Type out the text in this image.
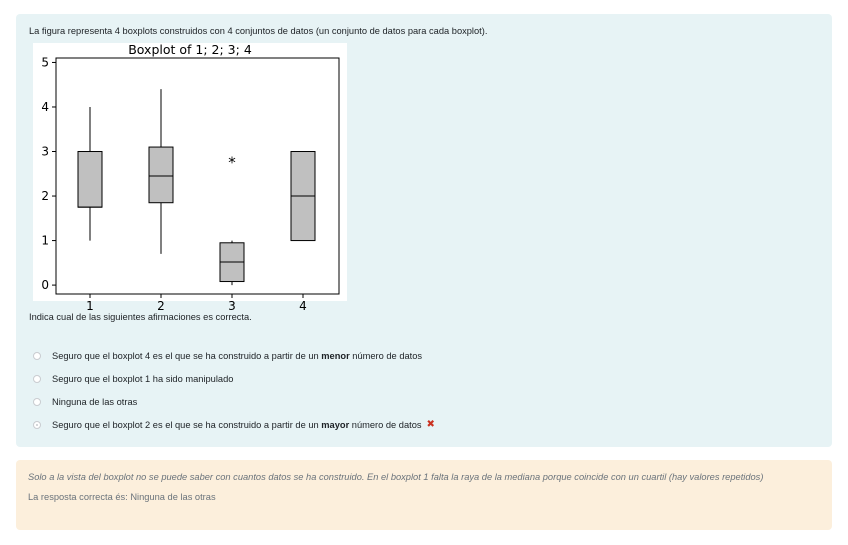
La figura representa 4 boxplots construidos con 4 conjuntos de datos (un conjunto de datos para cada boxplot).
Boxplot of 1; 2; 3; 4
0
1
2
3
4
5
1	2	3	4
*
Indica cual de las siguientes afirmaciones es correcta.
Seguro que el boxplot 4 es el que se ha construido a partir de un menor número de datos
Seguro que el boxplot 1 ha sido manipulado
Ninguna de las otras
Seguro que el boxplot 2 es el que se ha construido a partir de un mayor número de datos ✖
Solo a la vista del boxplot no se puede saber con cuantos datos se ha construido. En el boxplot 1 falta la raya de la mediana porque coincide con un cuartil (hay valores repetidos)
La resposta correcta és: Ninguna de las otras
